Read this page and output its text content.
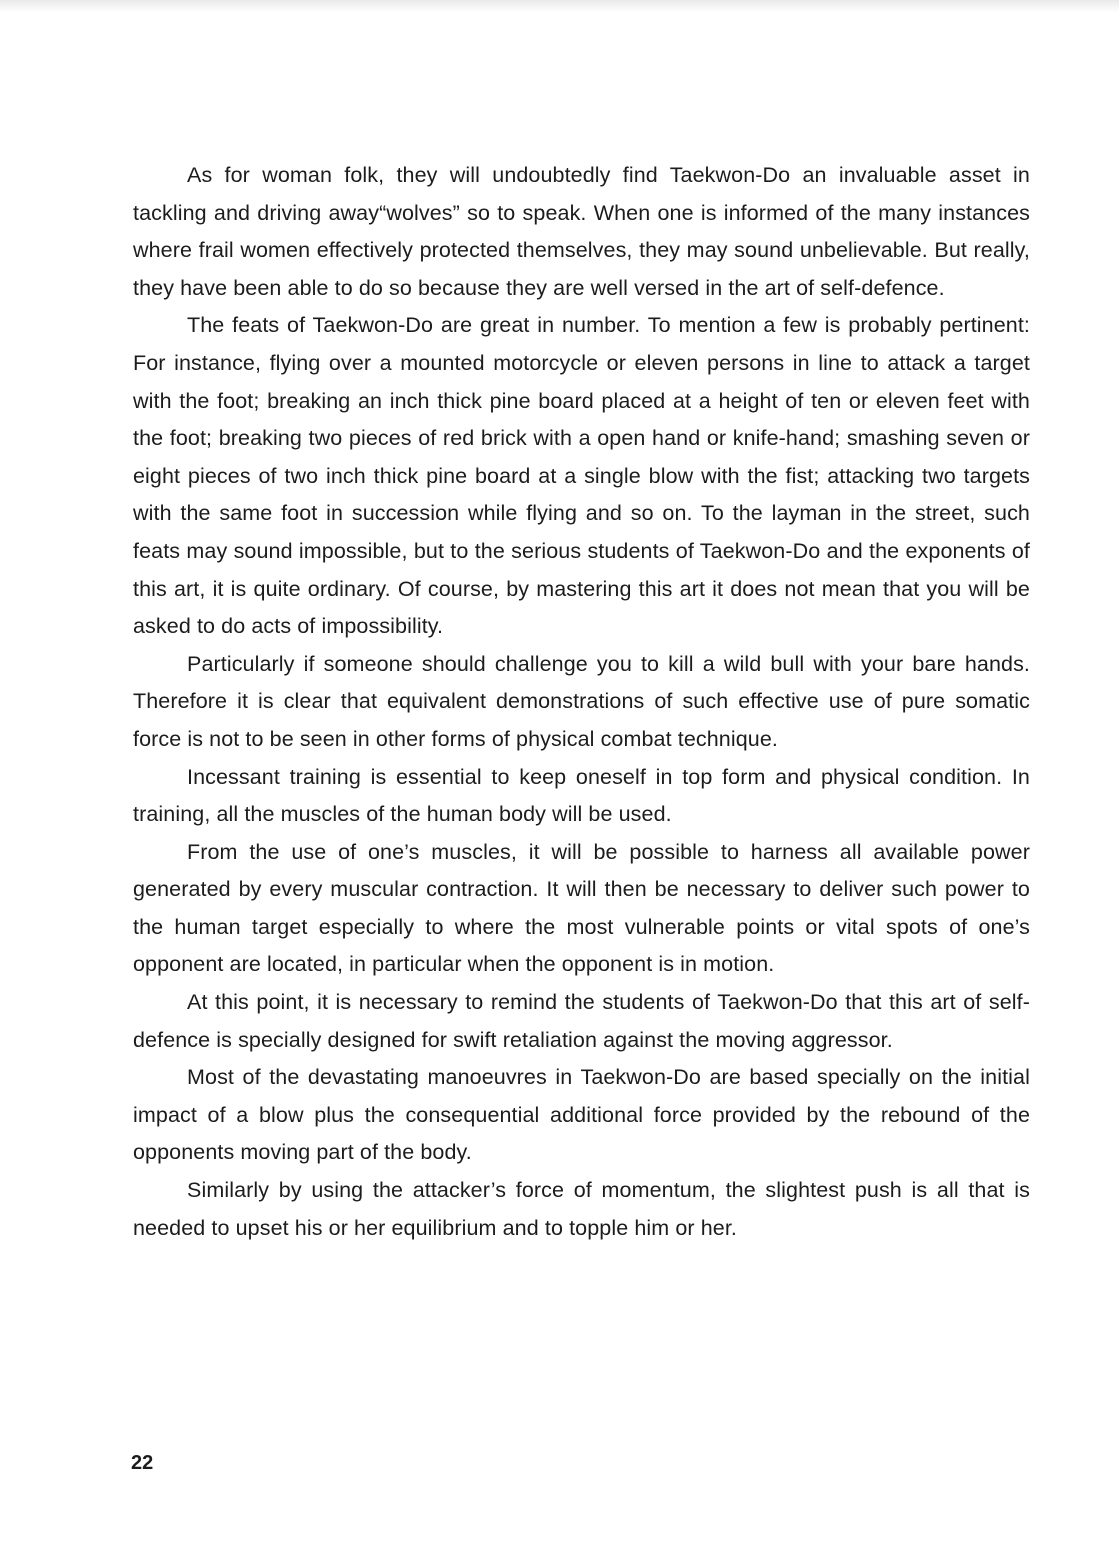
As for woman folk, they will undoubtedly find Taekwon-Do an invaluable asset in tackling and driving away“wolves” so to speak. When one is informed of the many instances where frail women effectively protected themselves, they may sound unbelievable. But really, they have been able to do so because they are well versed in the art of self-defence.

The feats of Taekwon-Do are great in number. To mention a few is probably pertinent: For instance, flying over a mounted motorcycle or eleven persons in line to attack a target with the foot; breaking an inch thick pine board placed at a height of ten or eleven feet with the foot; breaking two pieces of red brick with a open hand or knife-hand; smashing seven or eight pieces of two inch thick pine board at a single blow with the fist; attacking two targets with the same foot in succession while flying and so on. To the layman in the street, such feats may sound impossible, but to the serious students of Taekwon-Do and the exponents of this art, it is quite ordinary. Of course, by mastering this art it does not mean that you will be asked to do acts of impossibility.

Particularly if someone should challenge you to kill a wild bull with your bare hands. Therefore it is clear that equivalent demonstrations of such effective use of pure somatic force is not to be seen in other forms of physical combat technique.

Incessant training is essential to keep oneself in top form and physical condition. In training, all the muscles of the human body will be used.

From the use of one’s muscles, it will be possible to harness all available power generated by every muscular contraction. It will then be necessary to deliver such power to the human target especially to where the most vulnerable points or vital spots of one’s opponent are located, in particular when the opponent is in motion.

At this point, it is necessary to remind the students of Taekwon-Do that this art of self-defence is specially designed for swift retaliation against the moving aggressor.

Most of the devastating manoeuvres in Taekwon-Do are based specially on the initial impact of a blow plus the consequential additional force provided by the rebound of the opponents moving part of the body.

Similarly by using the attacker’s force of momentum, the slightest push is all that is needed to upset his or her equilibrium and to topple him or her.

22
